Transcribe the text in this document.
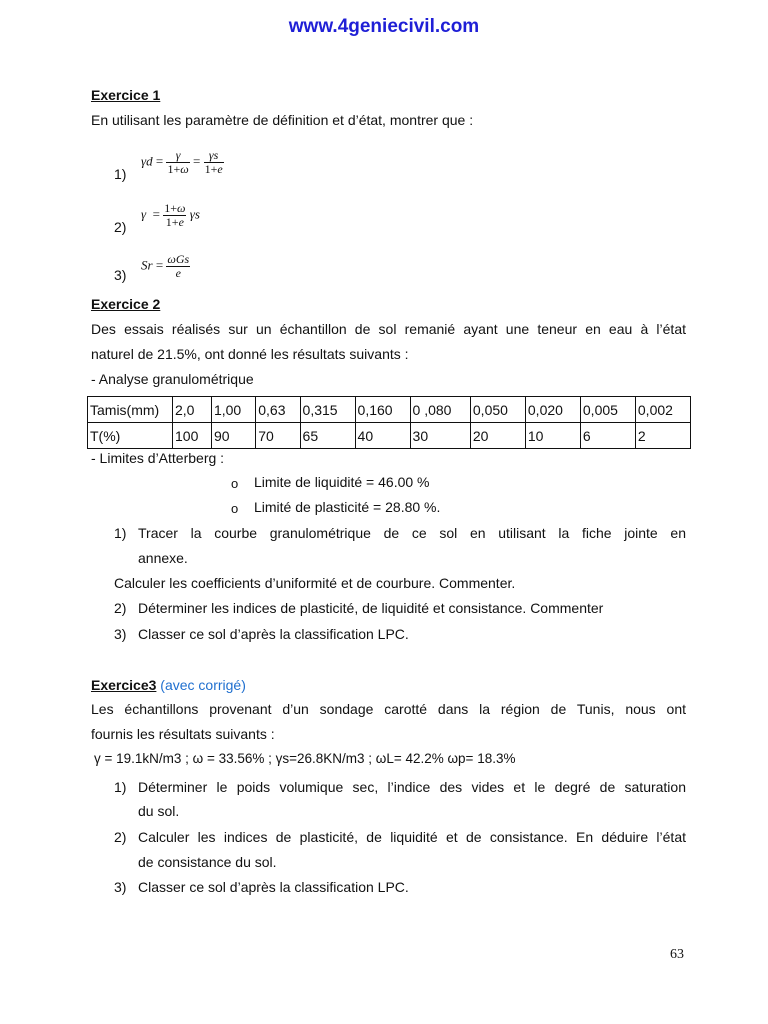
www.4geniecivil.com
Exercice 1
En utilisant les paramètre de définition et d’état, montrer que :
1)
$\gamma d = \frac{\gamma}{1+\omega} = \frac{\gamma s}{1+e}$
2)
$\gamma = \frac{1+\omega}{1+e}$ γs
3)
$Sr = \frac{\text{ωGs}}{e}$
Exercice 2
Des essais réalisés sur un échantillon de sol remanié ayant une teneur en eau à l’état
naturel de 21.5%, ont donné les résultats suivants :
- Analyse granulométrique
Tamis(mm)	2,0	1,00	0,63	0,315	0,160	0 ,080	0,050	0,020	0,005	0,002
T(%)	100	90	70	65	40	30	20	10	6	2
- Limites d’Atterberg :
o Limite de liquidité = 46.00 %
o Limité de plasticité = 28.80 %.
1) Tracer la courbe granulométrique de ce sol en utilisant la fiche jointe en
annexe.
Calculer les coefficients d’uniformité et de courbure. Commenter.
2) Déterminer les indices de plasticité, de liquidité et consistance. Commenter
3) Classer ce sol d’après la classification LPC.
Exercice3 (avec corrigé)
Les échantillons provenant d’un sondage carotté dans la région de Tunis, nous ont
fournis les résultats suivants :
γ = 19.1kN/m3 ; ω = 33.56% ; γs=26.8KN/m3 ; ωL= 42.2% ωp= 18.3%
1) Déterminer le poids volumique sec, l’indice des vides et le degré de saturation
du sol.
2) Calculer les indices de plasticité, de liquidité et de consistance. En déduire l’état
de consistance du sol.
3) Classer ce sol d’après la classification LPC.
63
